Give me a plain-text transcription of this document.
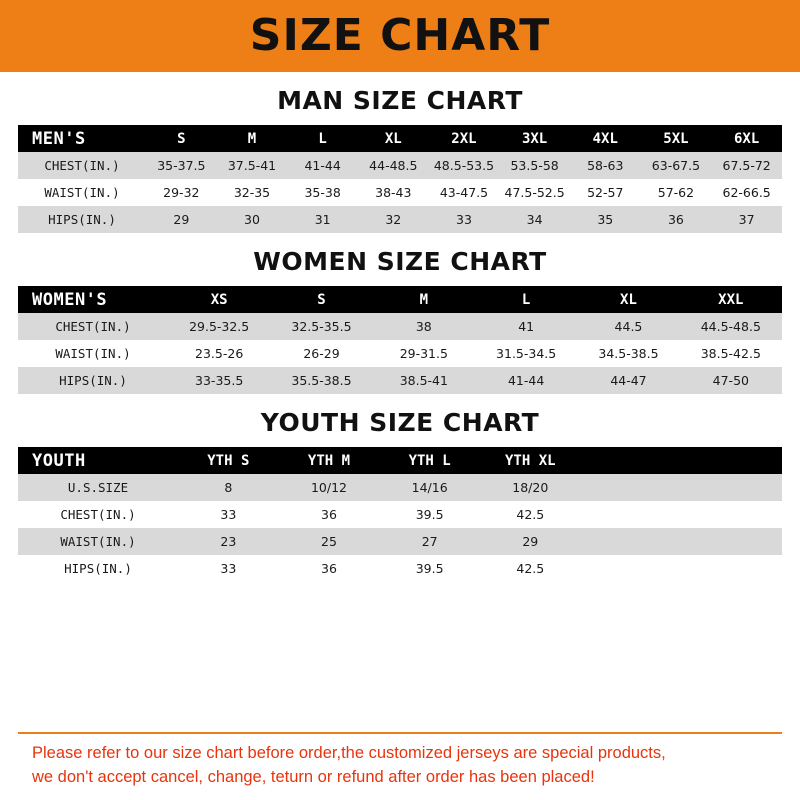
SIZE CHART
MAN SIZE CHART
MEN'S	S	M	L	XL	2XL	3XL	4XL	5XL	6XL
CHEST(IN.)	35-37.5	37.5-41	41-44	44-48.5	48.5-53.5	53.5-58	58-63	63-67.5	67.5-72
WAIST(IN.)	29-32	32-35	35-38	38-43	43-47.5	47.5-52.5	52-57	57-62	62-66.5
HIPS(IN.)	29	30	31	32	33	34	35	36	37
WOMEN SIZE CHART
WOMEN'S	XS	S	M	L	XL	XXL
CHEST(IN.)	29.5-32.5	32.5-35.5	38	41	44.5	44.5-48.5
WAIST(IN.)	23.5-26	26-29	29-31.5	31.5-34.5	34.5-38.5	38.5-42.5
HIPS(IN.)	33-35.5	35.5-38.5	38.5-41	41-44	44-47	47-50
YOUTH SIZE CHART
YOUTH	YTH S	YTH M	YTH L	YTH XL		
U.S.SIZE	8	10/12	14/16	18/20		
CHEST(IN.)	33	36	39.5	42.5		
WAIST(IN.)	23	25	27	29		
HIPS(IN.)	33	36	39.5	42.5		

Please refer to our size chart before order,the customized jerseys are special products,

we don't accept cancel, change, teturn or refund after order has been placed!
